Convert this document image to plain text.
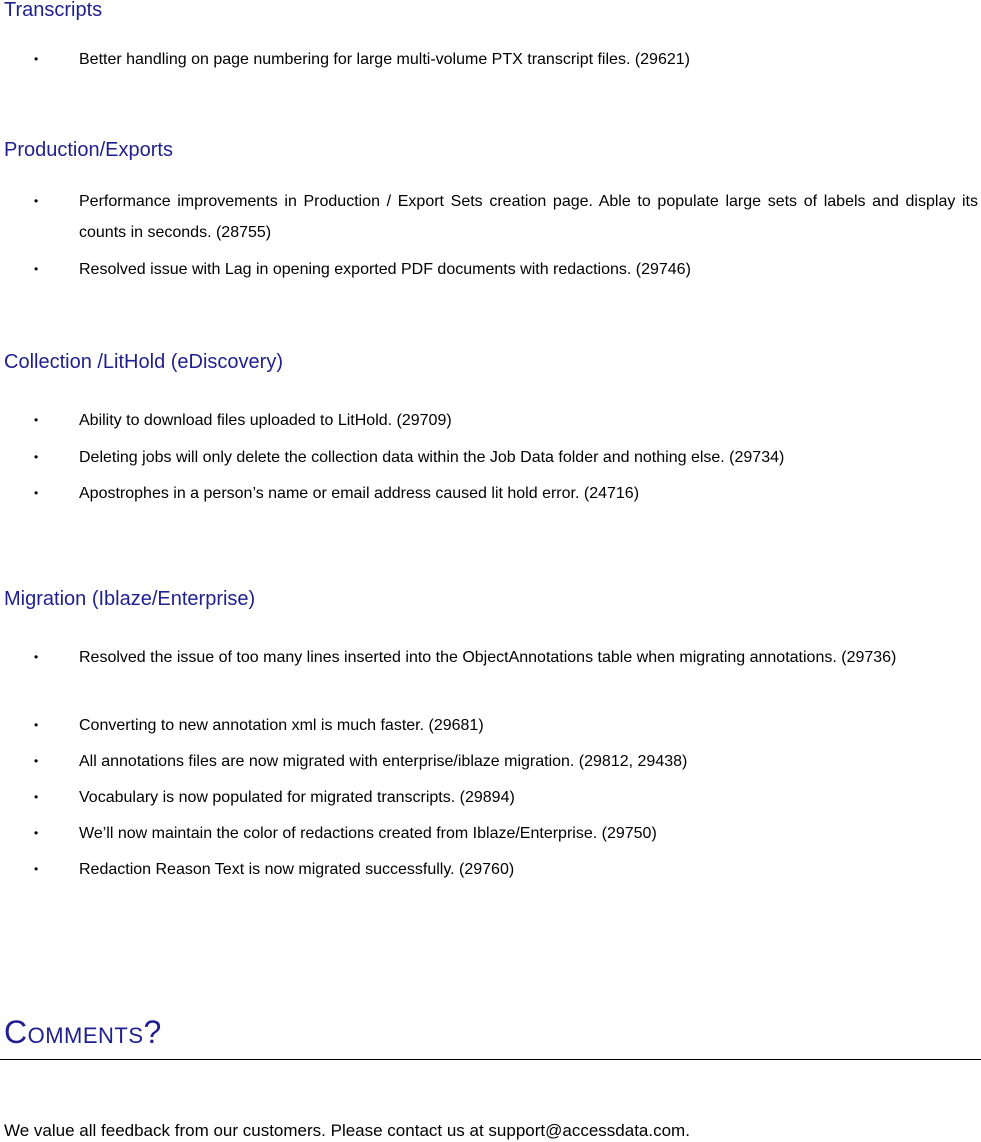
Transcripts
•	Better handling on page numbering for large multi-volume PTX transcript files. (29621)
Production/Exports
•	Performance improvements in Production / Export Sets creation page. Able to populate large sets of labels and display its counts in seconds. (28755)
•	Resolved issue with Lag in opening exported PDF documents with redactions. (29746)
Collection /LitHold (eDiscovery)
•	Ability to download files uploaded to LitHold. (29709)
•	Deleting jobs will only delete the collection data within the Job Data folder and nothing else. (29734)
•	Apostrophes in a person’s name or email address caused lit hold error. (24716)
Migration (Iblaze/Enterprise)
•	Resolved the issue of too many lines inserted into the ObjectAnnotations table when migrating annotations. (29736)
•	Converting to new annotation xml is much faster. (29681)
•	All annotations files are now migrated with enterprise/iblaze migration. (29812, 29438)
•	Vocabulary is now populated for migrated transcripts. (29894)
•	We’ll now maintain the color of redactions created from Iblaze/Enterprise. (29750)
•	Redaction Reason Text is now migrated successfully. (29760)
Comments?
We value all feedback from our customers. Please contact us at support@accessdata.com.
